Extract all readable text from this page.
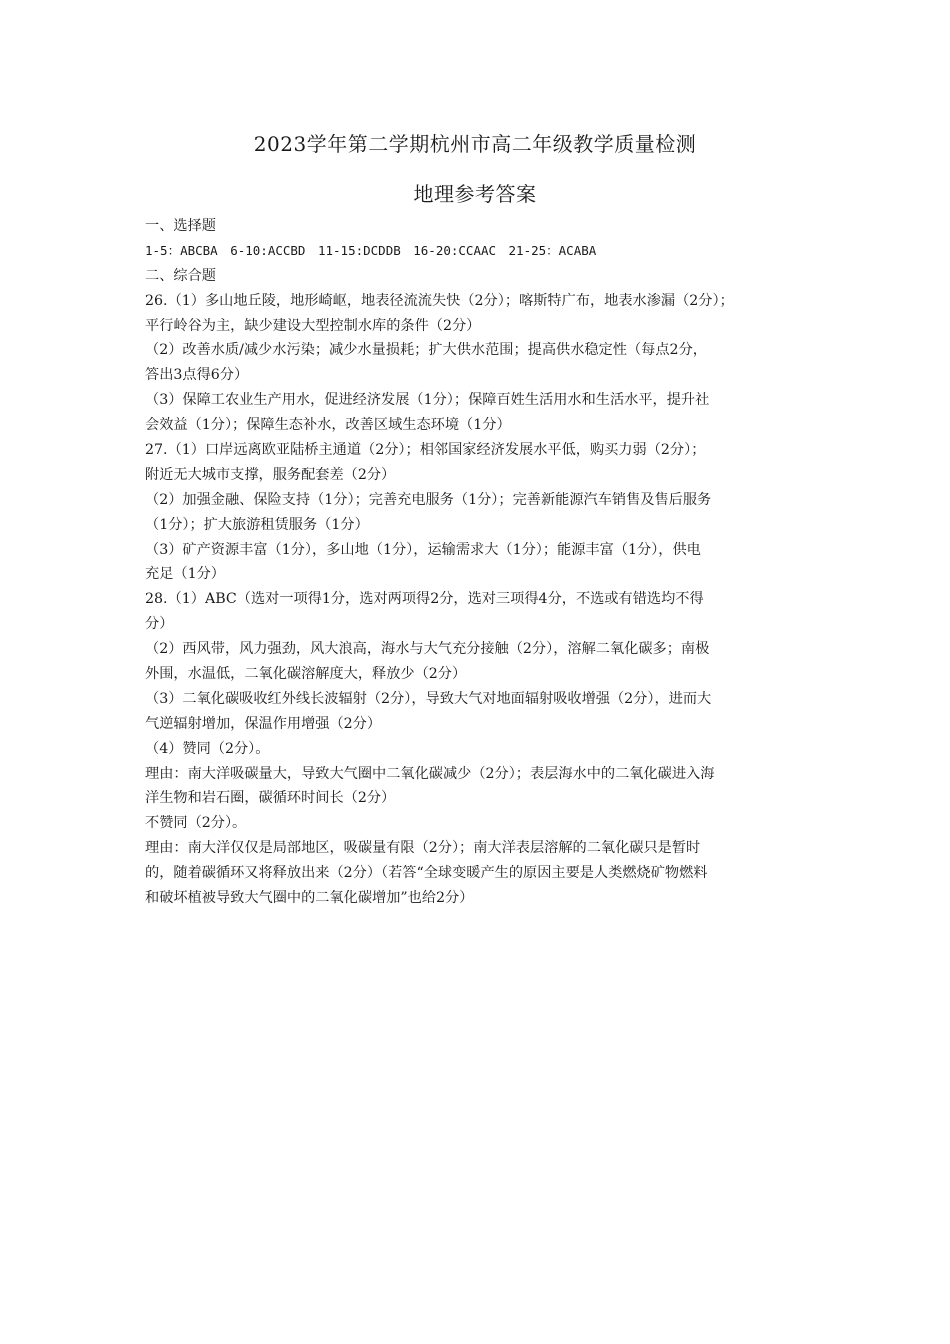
2023学年第二学期杭州市高二年级教学质量检测
地理参考答案
一、选择题
1-5：ABCBA　6-10:ACCBD　11-15:DCDDB　16-20:CCAAC　21-25：ACABA
二、综合题
26.（1）多山地丘陵，地形崎岖，地表径流流失快（2分）；喀斯特广布，地表水渗漏（2分）；
平行岭谷为主，缺少建设大型控制水库的条件（2分）
（2）改善水质/减少水污染；减少水量损耗；扩大供水范围；提高供水稳定性（每点2分，
答出3点得6分）
（3）保障工农业生产用水，促进经济发展（1分）；保障百姓生活用水和生活水平，提升社
会效益（1分）；保障生态补水，改善区域生态环境（1分）
27.（1）口岸远离欧亚陆桥主通道（2分）；相邻国家经济发展水平低，购买力弱（2分）；
附近无大城市支撑，服务配套差（2分）
（2）加强金融、保险支持（1分）；完善充电服务（1分）；完善新能源汽车销售及售后服务
（1分）；扩大旅游租赁服务（1分）
（3）矿产资源丰富（1分），多山地（1分），运输需求大（1分）；能源丰富（1分），供电
充足（1分）
28.（1）ABC（选对一项得1分，选对两项得2分，选对三项得4分，不选或有错选均不得
分）
（2）西风带，风力强劲，风大浪高，海水与大气充分接触（2分），溶解二氧化碳多；南极
外围，水温低，二氧化碳溶解度大，释放少（2分）
（3）二氧化碳吸收红外线长波辐射（2分），导致大气对地面辐射吸收增强（2分），进而大
气逆辐射增加，保温作用增强（2分）
（4）赞同（2分）。
理由：南大洋吸碳量大，导致大气圈中二氧化碳减少（2分）；表层海水中的二氧化碳进入海
洋生物和岩石圈，碳循环时间长（2分）
不赞同（2分）。
理由：南大洋仅仅是局部地区，吸碳量有限（2分）；南大洋表层溶解的二氧化碳只是暂时
的，随着碳循环又将释放出来（2分）（若答“全球变暖产生的原因主要是人类燃烧矿物燃料
和破坏植被导致大气圈中的二氧化碳增加”也给2分）
